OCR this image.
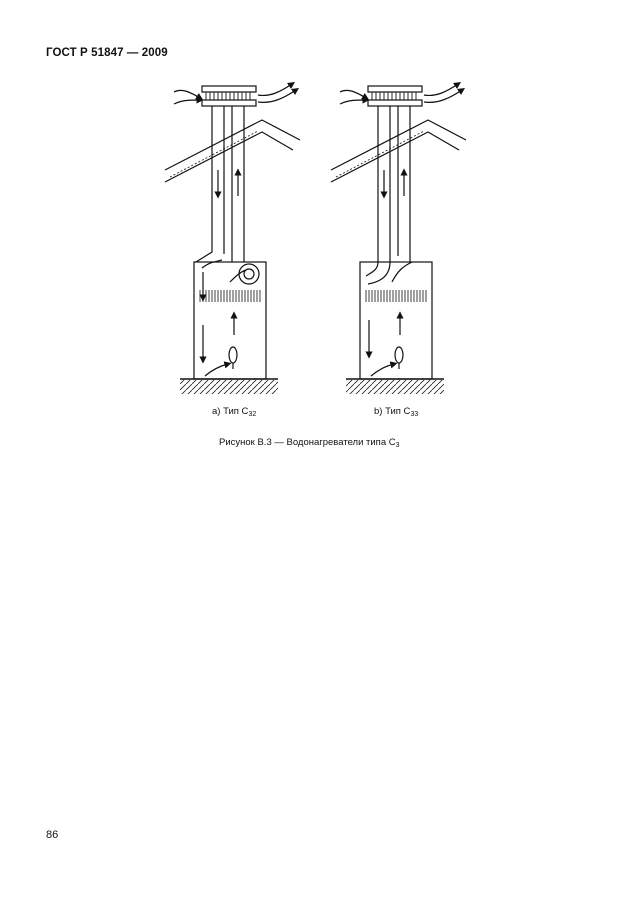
ГОСТ Р 51847 — 2009
а) Тип $С_{32}$	b) Тип $С_{33}$
Рисунок В.3 — Водонагреватели типа $С_3$
86
